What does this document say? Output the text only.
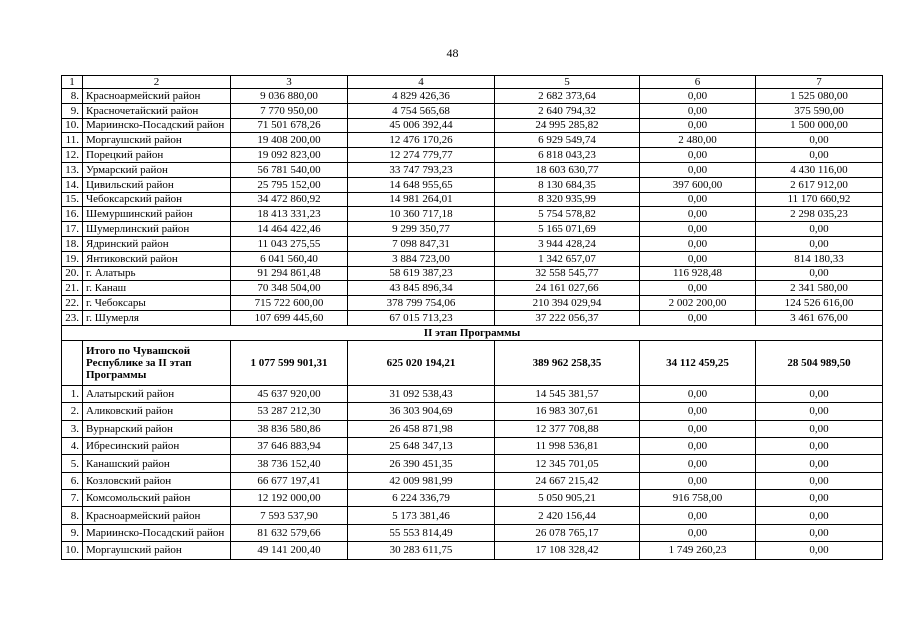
48
1	2	3	4	5	6	7
8.	Красноармейский район	9 036 880,00	4 829 426,36	2 682 373,64	0,00	1 525 080,00
9.	Красночетайский район	7 770 950,00	4 754 565,68	2 640 794,32	0,00	375 590,00
10.	Мариинско-Посадский район	71 501 678,26	45 006 392,44	24 995 285,82	0,00	1 500 000,00
11.	Моргаушский район	19 408 200,00	12 476 170,26	6 929 549,74	2 480,00	0,00
12.	Порецкий район	19 092 823,00	12 274 779,77	6 818 043,23	0,00	0,00
13.	Урмарский район	56 781 540,00	33 747 793,23	18 603 630,77	0,00	4 430 116,00
14.	Цивильский район	25 795 152,00	14 648 955,65	8 130 684,35	397 600,00	2 617 912,00
15.	Чебоксарский район	34 472 860,92	14 981 264,01	8 320 935,99	0,00	11 170 660,92
16.	Шемуршинский район	18 413 331,23	10 360 717,18	5 754 578,82	0,00	2 298 035,23
17.	Шумерлинский район	14 464 422,46	9 299 350,77	5 165 071,69	0,00	0,00
18.	Ядринский район	11 043 275,55	7 098 847,31	3 944 428,24	0,00	0,00
19.	Янтиковский район	6 041 560,40	3 884 723,00	1 342 657,07	0,00	814 180,33
20.	г. Алатырь	91 294 861,48	58 619 387,23	32 558 545,77	116 928,48	0,00
21.	г. Канаш	70 348 504,00	43 845 896,34	24 161 027,66	0,00	2 341 580,00
22.	г. Чебоксары	715 722 600,00	378 799 754,06	210 394 029,94	2 002 200,00	124 526 616,00
23.	г. Шумерля	107 699 445,60	67 015 713,23	37 222 056,37	0,00	3 461 676,00
II этап Программы						
	Итого по Чувашской Республике за II этап Программы	1 077 599 901,31	625 020 194,21	389 962 258,35	34 112 459,25	28 504 989,50
1.	Алатырский район	45 637 920,00	31 092 538,43	14 545 381,57	0,00	0,00
2.	Аликовский район	53 287 212,30	36 303 904,69	16 983 307,61	0,00	0,00
3.	Вурнарский район	38 836 580,86	26 458 871,98	12 377 708,88	0,00	0,00
4.	Ибресинский район	37 646 883,94	25 648 347,13	11 998 536,81	0,00	0,00
5.	Канашский район	38 736 152,40	26 390 451,35	12 345 701,05	0,00	0,00
6.	Козловский район	66 677 197,41	42 009 981,99	24 667 215,42	0,00	0,00
7.	Комсомольский район	12 192 000,00	6 224 336,79	5 050 905,21	916 758,00	0,00
8.	Красноармейский район	7 593 537,90	5 173 381,46	2 420 156,44	0,00	0,00
9.	Мариинско-Посадский район	81 632 579,66	55 553 814,49	26 078 765,17	0,00	0,00
10.	Моргаушский район	49 141 200,40	30 283 611,75	17 108 328,42	1 749 260,23	0,00
